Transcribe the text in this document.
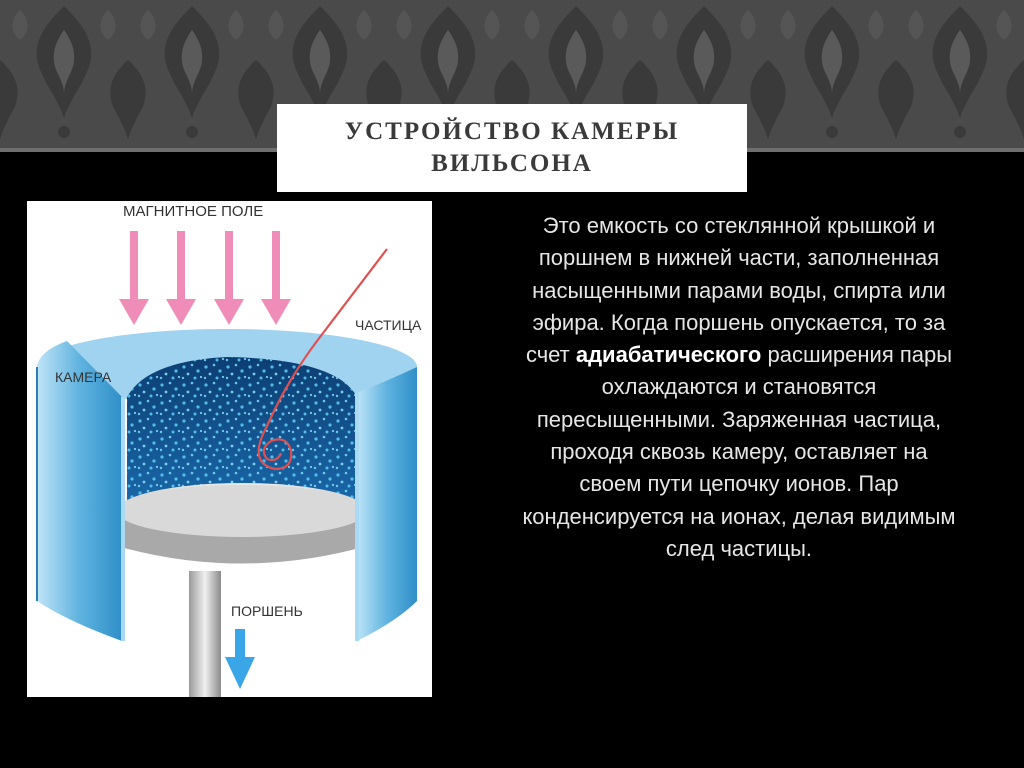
УСТРОЙСТВО КАМЕРЫ ВИЛЬСОНА
МАГНИТНОЕ ПОЛЕ
ЧАСТИЦА
КАМЕРА
ПОРШЕНЬ
Это емкость со стеклянной крышкой и поршнем в нижней части, заполненная насыщенными парами воды, спирта или эфира. Когда поршень опускается, то за счет адиабатического расширения пары охлаждаются и становятся пересыщенными. Заряженная частица, проходя сквозь камеру, оставляет на своем пути цепочку ионов. Пар конденсируется на ионах, делая видимым след частицы.
